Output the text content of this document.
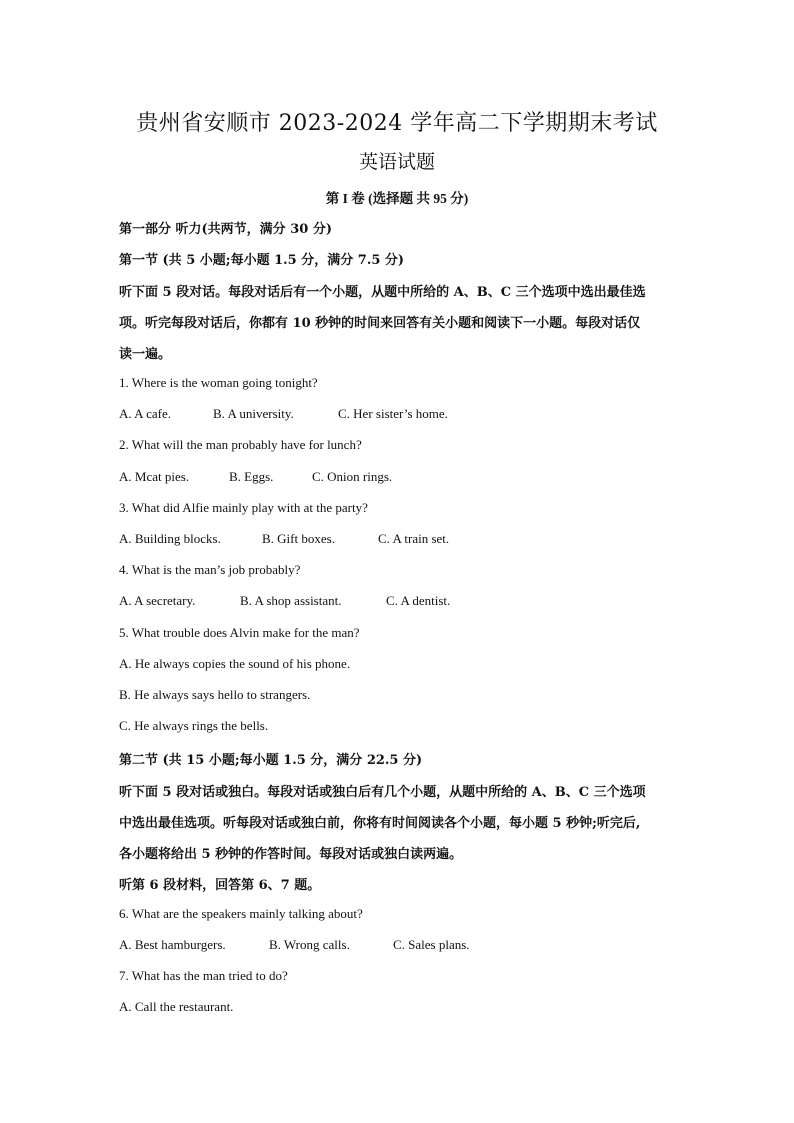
贵州省安顺市 2023-2024 学年高二下学期期末考试
英语试题
第 I 卷 (选择题 共 95 分)
第一部分 听力(共两节，满分 30 分)
第一节 (共 5 小题;每小题 1.5 分，满分 7.5 分)
听下面 5 段对话。每段对话后有一个小题，从题中所给的 A、B、C 三个选项中选出最佳选
项。听完每段对话后，你都有 10 秒钟的时间来回答有关小题和阅读下一小题。每段对话仅
读一遍。
1. Where is the woman going tonight?
A. A cafe.	B. A university.	C. Her sister’s home.
2. What will the man probably have for lunch?
A. Mcat pies.	B. Eggs.	C. Onion rings.
3. What did Alfie mainly play with at the party?
A. Building blocks.	B. Gift boxes.	C. A train set.
4. What is the man’s job probably?
A. A secretary.	B. A shop assistant.	C. A dentist.
5. What trouble does Alvin make for the man?
A. He always copies the sound of his phone.
B. He always says hello to strangers.
C. He always rings the bells.
第二节 (共 15 小题;每小题 1.5 分，满分 22.5 分)
听下面 5 段对话或独白。每段对话或独白后有几个小题，从题中所给的 A、B、C 三个选项
中选出最佳选项。听每段对话或独白前，你将有时间阅读各个小题，每小题 5 秒钟;听完后,
各小题将给出 5 秒钟的作答时间。每段对话或独白读两遍。
听第 6 段材料，回答第 6、7 题。
6. What are the speakers mainly talking about?
A. Best hamburgers.	B. Wrong calls.	C. Sales plans.
7. What has the man tried to do?
A. Call the restaurant.
